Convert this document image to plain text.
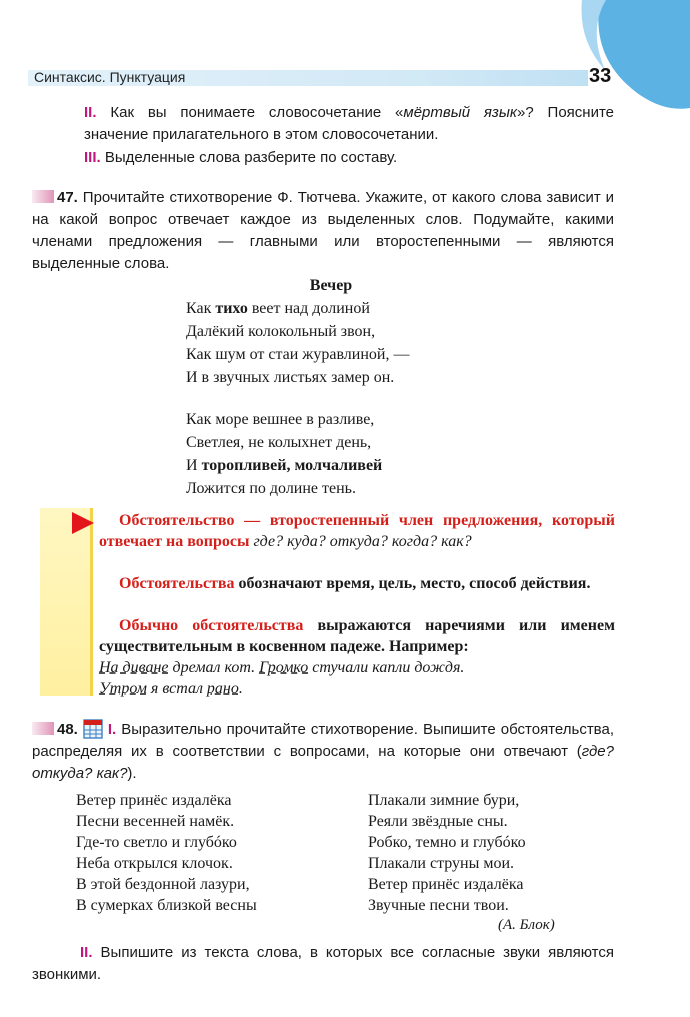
Синтаксис. Пунктуация	33
II. Как вы понимаете словосочетание «мёртвый язык»? Поясните значение прилагательного в этом словосочетании.
III. Выделенные слова разберите по составу.
47. Прочитайте стихотворение Ф. Тютчева. Укажите, от какого слова зависит и на какой вопрос отвечает каждое из выделенных слов. Подумайте, какими членами предложения — главными или второстепенными — являются выделенные слова.
Вечер
Как тихо веет над долиной
Далёкий колокольный звон,
Как шум от стаи журавлиной, —
И в звучных листьях замер он.
Как море вешнее в разливе,
Светлея, не колыхнет день,
И торопливей, молчаливей
Ложится по долине тень.
Обстоятельство — второстепенный член предложения, который отвечает на вопросы где? куда? откуда? когда? как?
Обстоятельства обозначают время, цель, место, способ действия.
Обычно обстоятельства выражаются наречиями или именем существительным в косвенном падеже. Например:
На диване дремал кот. Громко стучали капли дождя.
Утром я встал рано.
48. I. Выразительно прочитайте стихотворение. Выпишите обстоятельства, распределяя их в соответствии с вопросами, на которые они отвечают (где? откуда? как?).
Ветер принёс издалёка
Песни весенней намёк.
Где-то светло и глубóко
Неба открылся клочок.
В этой бездонной лазури,
В сумерках близкой весны
Плакали зимние бури,
Реяли звёздные сны.
Робко, темно и глубóко
Плакали струны мои.
Ветер принёс издалёка
Звучные песни твои.
(А. Блок)
II. Выпишите из текста слова, в которых все согласные звуки являются звонкими.
